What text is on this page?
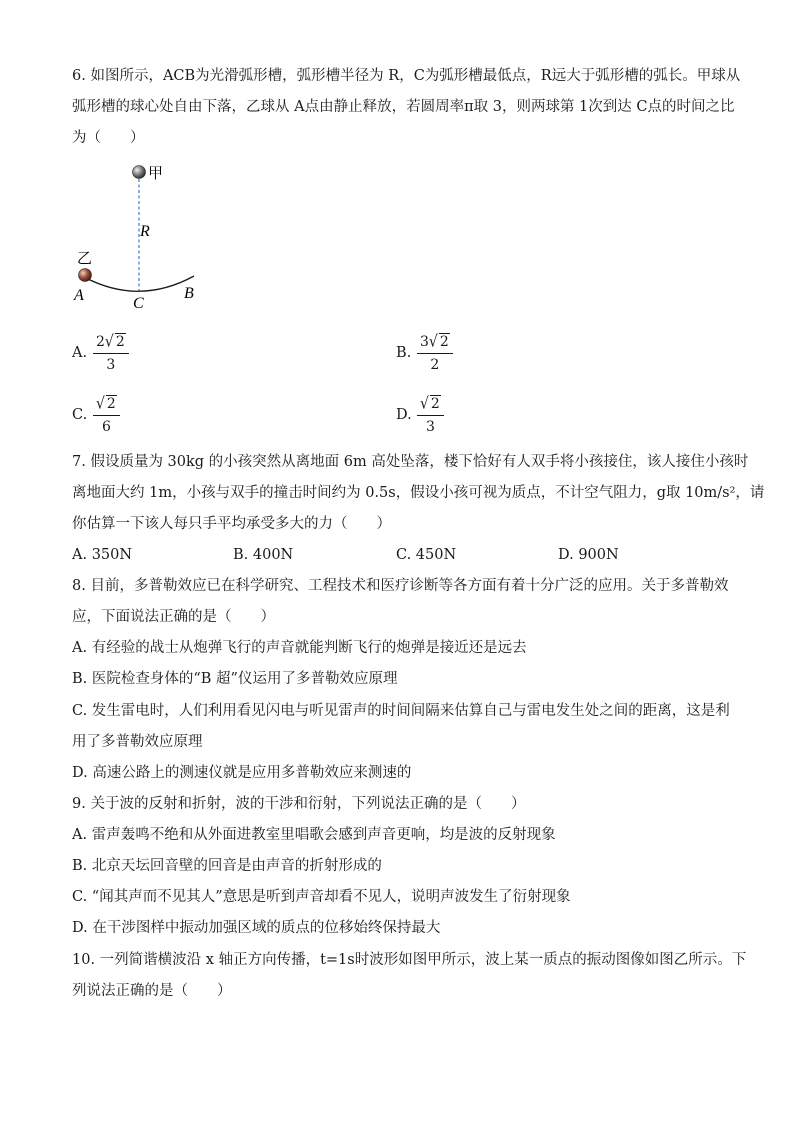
6. 如图所示，ACB为光滑弧形槽，弧形槽半径为 R，C为弧形槽最低点，R远大于弧形槽的弧长。甲球从
弧形槽的球心处自由下落，乙球从 A点由静止释放，若圆周率π取 3，则两球第 1次到达 C点的时间之比
为（　　）
甲
R
乙
A	C
B
A. $\frac{2√ 2}{3}$	B. $\frac{3√ 2}{2}$
C. $\frac{√ 2}{6}$	D. $\frac{√ 2}{3}$
7. 假设质量为 30kg 的小孩突然从离地面 6m 高处坠落，楼下恰好有人双手将小孩接住，该人接住小孩时
离地面大约 1m，小孩与双手的撞击时间约为 0.5s，假设小孩可视为质点，不计空气阻力，g取 10m/s²，请
你估算一下该人每只手平均承受多大的力（　　）
A. 350N	B. 400N	C. 450N	D. 900N
8. 目前，多普勒效应已在科学研究、工程技术和医疗诊断等各方面有着十分广泛的应用。关于多普勒效
应，下面说法正确的是（　　）
A. 有经验的战士从炮弹飞行的声音就能判断飞行的炮弹是接近还是远去
B. 医院检查身体的“B 超”仪运用了多普勒效应原理
C. 发生雷电时，人们利用看见闪电与听见雷声的时间间隔来估算自己与雷电发生处之间的距离，这是利
用了多普勒效应原理
D. 高速公路上的测速仪就是应用多普勒效应来测速的
9. 关于波的反射和折射，波的干涉和衍射，下列说法正确的是（　　）
A. 雷声轰鸣不绝和从外面进教室里唱歌会感到声音更响，均是波的反射现象
B. 北京天坛回音壁的回音是由声音的折射形成的
C. “闻其声而不见其人”意思是听到声音却看不见人，说明声波发生了衍射现象
D. 在干涉图样中振动加强区域的质点的位移始终保持最大
10. 一列简谐横波沿 x 轴正方向传播，t=1s时波形如图甲所示，波上某一质点的振动图像如图乙所示。下
列说法正确的是（　　）
